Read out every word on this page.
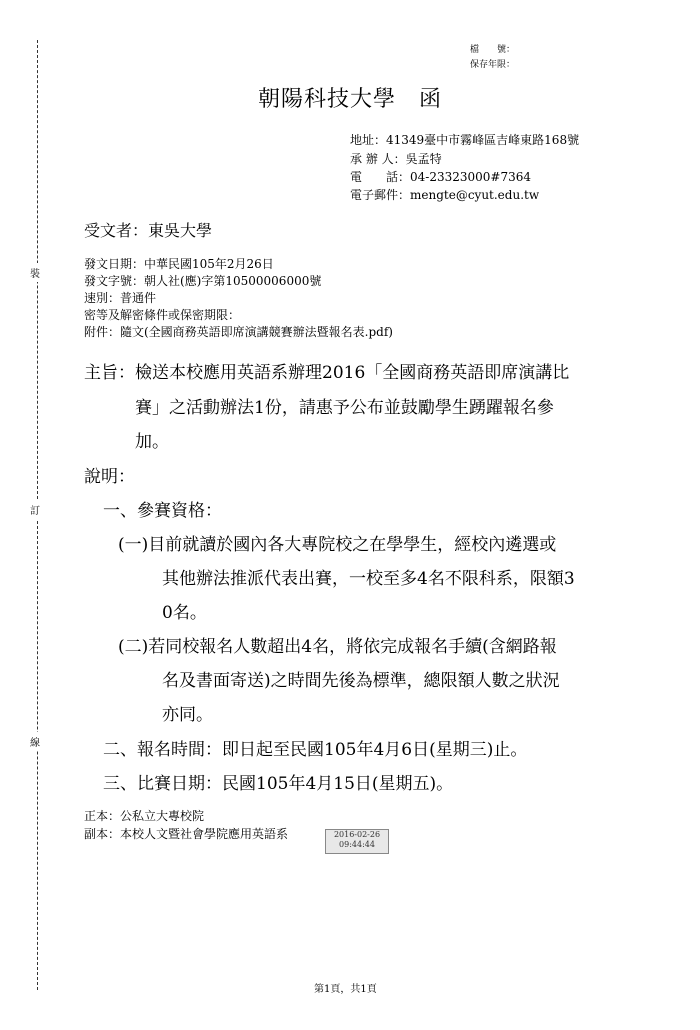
裝
訂
線
檔　　號：
保存年限：
朝陽科技大學　函
地址：41349臺中市霧峰區吉峰東路168號
承 辦 人：吳孟特
電　　話：04-23323000#7364
電子郵件：mengte@cyut.edu.tw
受文者：東吳大學
發文日期：中華民國105年2月26日
發文字號：朝人社(應)字第10500006000號
速別：普通件
密等及解密條件或保密期限：
附件：隨文(全國商務英語即席演講競賽辦法暨報名表.pdf)
主旨：檢送本校應用英語系辦理2016「全國商務英語即席演講比
賽」之活動辦法1份，請惠予公布並鼓勵學生踴躍報名參
加。
說明：
一、參賽資格：
(一)目前就讀於國內各大專院校之在學學生，經校內遴選或
其他辦法推派代表出賽，一校至多4名不限科系，限額3
0名。
(二)若同校報名人數超出4名，將依完成報名手續(含網路報
名及書面寄送)之時間先後為標準，總限額人數之狀況
亦同。
二、報名時間：即日起至民國105年4月6日(星期三)止。
三、比賽日期：民國105年4月15日(星期五)。
正本：公私立大專校院
副本：本校人文暨社會學院應用英語系	2016-02-26
09:44:44
第1頁，共1頁
